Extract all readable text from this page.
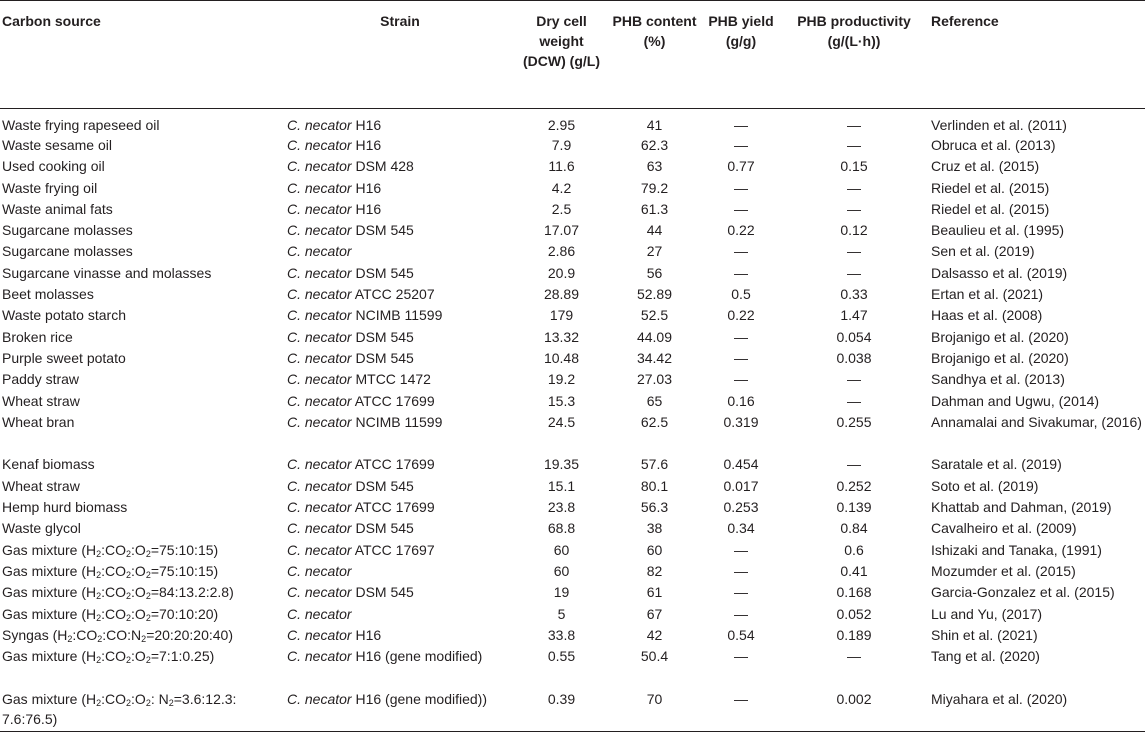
Carbon source	Strain	Dry cell weight (DCW) (g/L)	PHB content (%)	PHB yield (g/g)	PHB productivity (g/(L·h))	Reference
Waste frying rapeseed oil	C. necator H16	2.95	41	—	—	Verlinden et al. (2011)
Waste sesame oil	C. necator H16	7.9	62.3	—	—	Obruca et al. (2013)
Used cooking oil	C. necator DSM 428	11.6	63	0.77	0.15	Cruz et al. (2015)
Waste frying oil	C. necator H16	4.2	79.2	—	—	Riedel et al. (2015)
Waste animal fats	C. necator H16	2.5	61.3	—	—	Riedel et al. (2015)
Sugarcane molasses	C. necator DSM 545	17.07	44	0.22	0.12	Beaulieu et al. (1995)
Sugarcane molasses	C. necator	2.86	27	—	—	Sen et al. (2019)
Sugarcane vinasse and molasses	C. necator DSM 545	20.9	56	—	—	Dalsasso et al. (2019)
Beet molasses	C. necator ATCC 25207	28.89	52.89	0.5	0.33	Ertan et al. (2021)
Waste potato starch	C. necator NCIMB 11599	179	52.5	0.22	1.47	Haas et al. (2008)
Broken rice	C. necator DSM 545	13.32	44.09	—	0.054	Brojanigo et al. (2020)
Purple sweet potato	C. necator DSM 545	10.48	34.42	—	0.038	Brojanigo et al. (2020)
Paddy straw	C. necator MTCC 1472	19.2	27.03	—	—	Sandhya et al. (2013)
Wheat straw	C. necator ATCC 17699	15.3	65	0.16	—	Dahman and Ugwu, (2014)
Wheat bran	C. necator NCIMB 11599	24.5	62.5	0.319	0.255	Annamalai and Sivakumar, (2016)
Kenaf biomass	C. necator ATCC 17699	19.35	57.6	0.454	—	Saratale et al. (2019)
Wheat straw	C. necator DSM 545	15.1	80.1	0.017	0.252	Soto et al. (2019)
Hemp hurd biomass	C. necator ATCC 17699	23.8	56.3	0.253	0.139	Khattab and Dahman, (2019)
Waste glycol	C. necator DSM 545	68.8	38	0.34	0.84	Cavalheiro et al. (2009)
Gas mixture $(H_2:CO_2:O_2=75:10:15)$	C. necator ATCC 17697	60	60	—	0.6	Ishizaki and Tanaka, (1991)
Gas mixture $(H_2:CO_2:O_2=75:10:15)$	C. necator	60	82	—	0.41	Mozumder et al. (2015)
Gas mixture $(H_2:CO_2:O_2=84:13.2:2.8)$	C. necator DSM 545	19	61	—	0.168	Garcia-Gonzalez et al. (2015)
Gas mixture $(H_2:CO_2:O_2=70:10:20)$	C. necator	5	67	—	0.052	Lu and Yu, (2017)
Syngas $(H_2:CO_2:CO:N_2=20:20:20:40)$	C. necator H16	33.8	42	0.54	0.189	Shin et al. (2021)
Gas mixture $(H_2:CO_2:O_2=7:1:0.25)$	C. necator H16 (gene modified)	0.55	50.4	—	—	Tang et al. (2020)
Gas mixture ($H_2:CO_2:O_2$: $N_2=3.6:12.3$: 7.6:76.5)	C. necator H16 (gene modified))	0.39	70	—	0.002	Miyahara et al. (2020)
